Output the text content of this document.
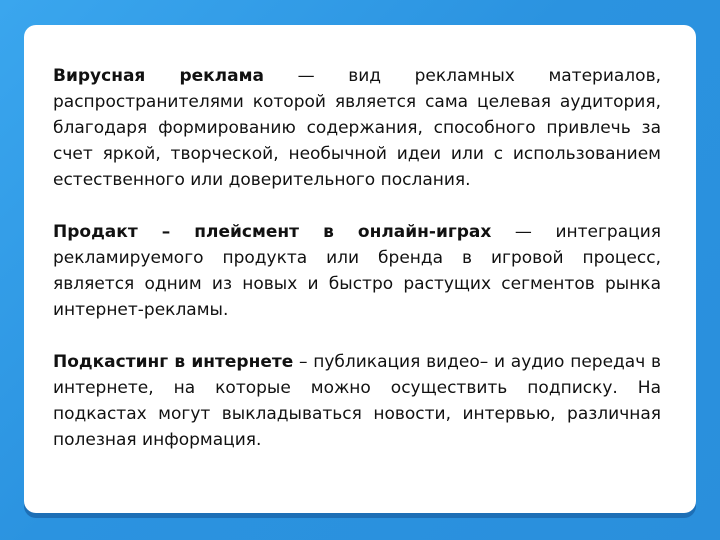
Вирусная реклама — вид рекламных материалов, распространителями которой является сама целевая аудитория, благодаря формированию содержания, способного привлечь за счет яркой, творческой, необычной идеи или с использованием естественного или доверительного послания.

Продакт – плейсмент в онлайн-играх — интеграция рекламируемого продукта или бренда в игровой процесс, является одним из новых и быстро растущих сегментов рынка интернет-рекламы.

Подкастинг в интернете – публикация видео– и аудио передач в интернете, на которые можно осуществить подписку. На подкастах могут выкладываться новости, интервью, различная полезная информация.
